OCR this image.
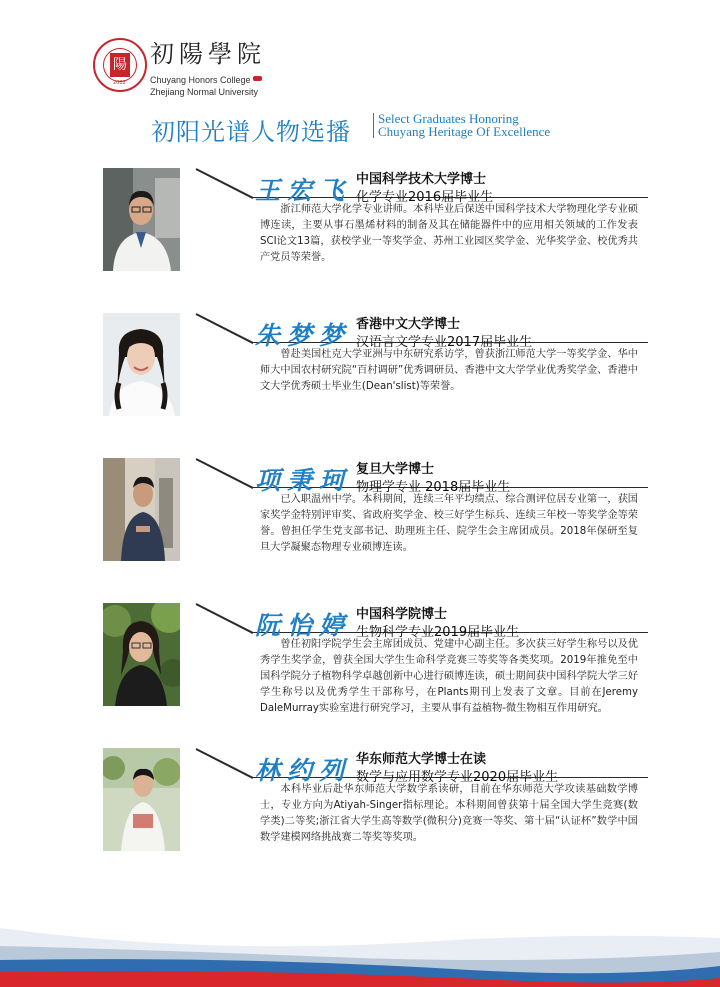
陽
2002
初陽學院
Chuyang Honors College
Zhejiang Normal University
初阳光谱人物选播 Select Graduates Honoring
Chuyang Heritage Of Excellence
王宏飞 中国科学技术大学博士
化学专业2016届毕业生
浙江师范大学化学专业讲师。本科毕业后保送中国科学技术大学物理化学专业硕博连读，主要从事石墨烯材料的制备及其在储能器件中的应用相关领域的工作发表SCI论文13篇，获校学业一等奖学金、苏州工业园区奖学金、光华奖学金、校优秀共产党员等荣誉。
朱梦梦 香港中文大学博士
汉语言文学专业2017届毕业生
曾赴美国杜克大学亚洲与中东研究系访学，曾获浙江师范大学一等奖学金、华中师大中国农村研究院“百村调研”优秀调研员、香港中文大学学业优秀奖学金、香港中文大学优秀硕士毕业生(Dean'slist)等荣誉。
项秉珂 复旦大学博士
物理学专业 2018届毕业生
已入职温州中学。本科期间，连续三年平均绩点、综合测评位居专业第一，获国家奖学金特别评审奖、省政府奖学金、校三好学生标兵、连续三年校一等奖学金等荣誉。曾担任学生党支部书记、助理班主任、院学生会主席团成员。2018年保研至复旦大学凝聚态物理专业硕博连读。
阮怡婷 中国科学院博士
生物科学专业2019届毕业生
曾任初阳学院学生会主席团成员、党建中心副主任。多次获三好学生称号以及优秀学生奖学金，曾获全国大学生生命科学竞赛三等奖等各类奖项。2019年推免至中国科学院分子植物科学卓越创新中心进行硕博连读，硕士期间获中国科学院大学三好学生称号以及优秀学生干部称号，在Plants期刊上发表了文章。目前在Jeremy DaleMurray实验室进行研究学习，主要从事有益植物-微生物相互作用研究。
林约列 华东师范大学博士在读
数学与应用数学专业2020届毕业生
本科毕业后赴华东师范大学数学系读研，目前在华东师范大学攻读基础数学博士，专业方向为Atiyah-Singer指标理论。本科期间曾获第十届全国大学生竞赛(数学类)二等奖;浙江省大学生高等数学(微积分)竞赛一等奖、第十届“认证杯”数学中国数学建模网络挑战赛二等奖等奖项。
